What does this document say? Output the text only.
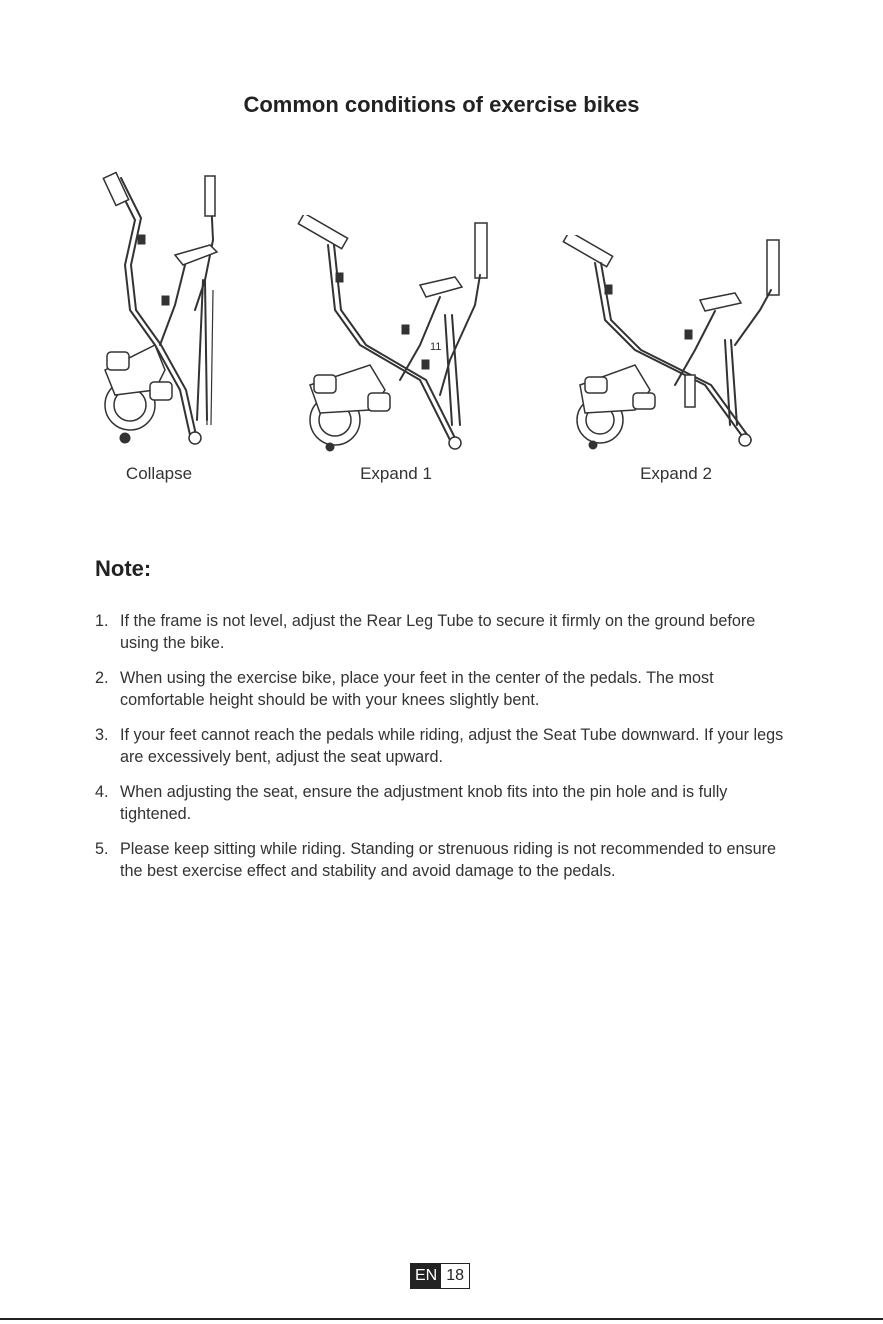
Common conditions of exercise bikes
Collapse
11
Expand 1	Expand 2
Note:
1. If the frame is not level, adjust the Rear Leg Tube to secure it firmly on the ground before using the bike.
2. When using the exercise bike, place your feet in the center of the pedals. The most comfortable height should be with your knees slightly bent.
3. If your feet cannot reach the pedals while riding, adjust the Seat Tube downward. If your legs are excessively bent, adjust the seat upward.
4. When adjusting the seat, ensure the adjustment knob fits into the pin hole and is fully tightened.
5. Please keep sitting while riding. Standing or strenuous riding is not recommended to ensure the best exercise effect and stability and avoid damage to the pedals.
EN 18
